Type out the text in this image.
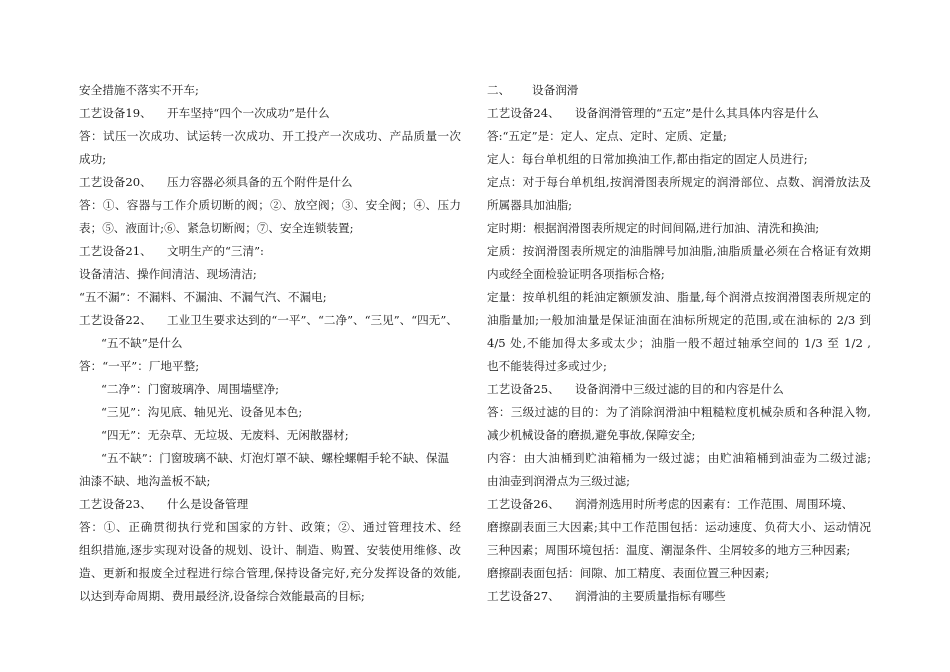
安全措施不落实不开车;
工艺设备19、 开车坚持“四个一次成功”是什么
答：试压一次成功、试运转一次成功、开工投产一次成功、产品质量一次
成功;
工艺设备20、 压力容器必须具备的五个附件是什么
答：①、容器与工作介质切断的阀；②、放空阀；③、安全阀；④、压力
表；⑤、液面计;⑥、紧急切断阀；⑦、安全连锁装置;
工艺设备21、 文明生产的“三清”:
设备清洁、操作间清洁、现场清洁;
“五不漏”：不漏料、不漏油、不漏气汽、不漏电;
工艺设备22、 工业卫生要求达到的“一平”、“二净”、“三见”、“四无”、
“五不缺”是什么
答：“一平”：厂地平整;
“二净”：门窗玻璃净、周围墙壁净;
“三见”：沟见底、轴见光、设备见本色;
“四无”：无杂草、无垃圾、无废料、无闲散器材;
“五不缺”：门窗玻璃不缺、灯泡灯罩不缺、螺栓螺帽手轮不缺、保温
油漆不缺、地沟盖板不缺;
工艺设备23、 什么是设备管理
答：①、正确贯彻执行党和国家的方针、政策；②、通过管理技术、经
组织措施,逐步实现对设备的规划、设计、制造、购置、安装使用维修、改
造、更新和报废全过程进行综合管理,保持设备完好,充分发挥设备的效能,
以达到寿命周期、费用最经济,设备综合效能最高的目标;
二、 设备润滑
工艺设备24、 设备润滑管理的“五定”是什么其具体内容是什么
答:“五定”是：定人、定点、定时、定质、定量;
定人：每台单机组的日常加换油工作,都由指定的固定人员进行;
定点：对于每台单机组,按润滑图表所规定的润滑部位、点数、润滑放法及
所属器具加油脂;
定时期：根据润滑图表所规定的时间间隔,进行加油、清洗和换油;
定质：按润滑图表所规定的油脂牌号加油脂,油脂质量必须在合格证有效期
内或经全面检验证明各项指标合格;
定量：按单机组的耗油定额颁发油、脂量,每个润滑点按润滑图表所规定的
油脂量加;一般加油量是保证油面在油标所规定的范围,或在油标的 2/3 到
4/5 处,不能加得太多或太少；油脂一般不超过轴承空间的 1/3 至 1/2 ,
也不能装得过多或过少;
工艺设备25、 设备润滑中三级过滤的目的和内容是什么
答：三级过滤的目的：为了消除润滑油中粗糙粒度机械杂质和各种混入物,
减少机械设备的磨损,避免事故,保障安全;
内容：由大油桶到贮油箱桶为一级过滤；由贮油箱桶到油壶为二级过滤;
由油壶到润滑点为三级过滤;
工艺设备26、 润滑剂选用时所考虑的因素有：工作范围、周围环境、
磨擦副表面三大因素;其中工作范围包括：运动速度、负荷大小、运动情况
三种因素；周围环境包括：温度、潮湿条件、尘屑较多的地方三种因素;
磨擦副表面包括：间隙、加工精度、表面位置三种因素;
工艺设备27、 润滑油的主要质量指标有哪些
